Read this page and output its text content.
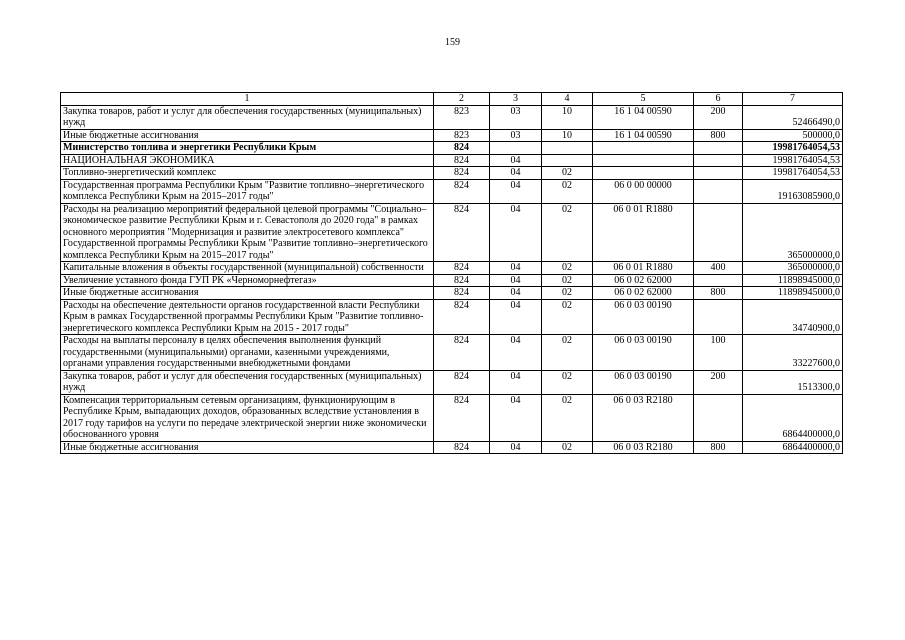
159
1	2	3	4	5	6	7
Закупка товаров, работ и услуг для обеспечения государственных (муниципальных) нужд	823	03	10	16 1 04 00590	200	52466490,0
Иные бюджетные ассигнования	823	03	10	16 1 04 00590	800	500000,0
Министерство топлива и энергетики Республики Крым	824					19981764054,53
НАЦИОНАЛЬНАЯ ЭКОНОМИКА	824	04				19981764054,53
Топливно-энергетический комплекс	824	04	02			19981764054,53
Государственная программа Республики Крым "Развитие топливно–энергетического комплекса Республики Крым на 2015–2017 годы"	824	04	02	06 0 00 00000		19163085900,0
Расходы на реализацию мероприятий федеральной целевой программы "Социально–экономическое развитие Республики Крым и г. Севастополя до 2020 года" в рамках основного мероприятия "Модернизация и развитие электросетевого комплекса" Государственной программы Республики Крым "Развитие топливно–энергетического комплекса Республики Крым на 2015–2017 годы"	824	04	02	06 0 01 R1880		365000000,0
Капитальные вложения в объекты государственной (муниципальной) собственности	824	04	02	06 0 01 R1880	400	365000000,0
Увеличение уставного фонда ГУП РК «Черноморнефтегаз»	824	04	02	06 0 02 62000		11898945000,0
Иные бюджетные ассигнования	824	04	02	06 0 02 62000	800	11898945000,0
Расходы на обеспечение деятельности органов государственной власти Республики Крым в рамках Государственной программы Республики Крым "Развитие топливно-энергетического комплекса Республики Крым на 2015 - 2017 годы"	824	04	02	06 0 03 00190		34740900,0
Расходы на выплаты персоналу в целях обеспечения выполнения функций государственными (муниципальными) органами, казенными учреждениями, органами управления государственными внебюджетными фондами	824	04	02	06 0 03 00190	100	33227600,0
Закупка товаров, работ и услуг для обеспечения государственных (муниципальных) нужд	824	04	02	06 0 03 00190	200	1513300,0
Компенсация территориальным сетевым организациям, функционирующим в Республике Крым, выпадающих доходов, образованных вследствие установления в 2017 году тарифов на услуги по передаче электрической энергии ниже экономически обоснованного уровня	824	04	02	06 0 03 R2180		6864400000,0
Иные бюджетные ассигнования	824	04	02	06 0 03 R2180	800	6864400000,0
